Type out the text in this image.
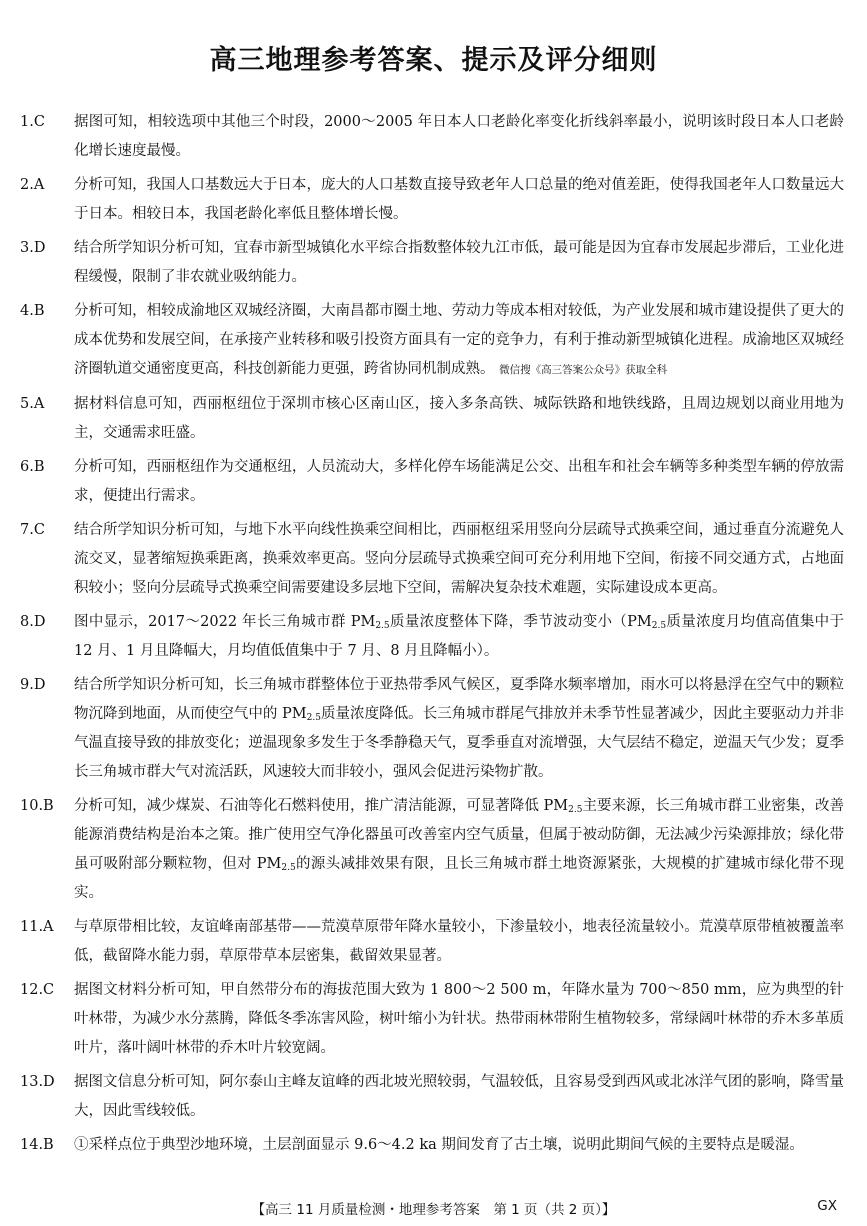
高三地理参考答案、提示及评分细则
1.C 据图可知，相较选项中其他三个时段，2000～2005 年日本人口老龄化率变化折线斜率最小，说明该时段日本人口老龄化增长速度最慢。
2.A 分析可知，我国人口基数远大于日本，庞大的人口基数直接导致老年人口总量的绝对值差距，使得我国老年人口数量远大于日本。相较日本，我国老龄化率低且整体增长慢。
3.D 结合所学知识分析可知，宜春市新型城镇化水平综合指数整体较九江市低，最可能是因为宜春市发展起步滞后，工业化进程缓慢，限制了非农就业吸纳能力。
4.B 分析可知，相较成渝地区双城经济圈，大南昌都市圈土地、劳动力等成本相对较低，为产业发展和城市建设提供了更大的成本优势和发展空间，在承接产业转移和吸引投资方面具有一定的竞争力，有利于推动新型城镇化进程。成渝地区双城经济圈轨道交通密度更高，科技创新能力更强，跨省协同机制成熟。 微信搜《高三答案公众号》获取全科
5.A 据材料信息可知，西丽枢纽位于深圳市核心区南山区，接入多条高铁、城际铁路和地铁线路，且周边规划以商业用地为主，交通需求旺盛。
6.B 分析可知，西丽枢纽作为交通枢纽，人员流动大，多样化停车场能满足公交、出租车和社会车辆等多种类型车辆的停放需求，便捷出行需求。
7.C 结合所学知识分析可知，与地下水平向线性换乘空间相比，西丽枢纽采用竖向分层疏导式换乘空间，通过垂直分流避免人流交叉，显著缩短换乘距离，换乘效率更高。竖向分层疏导式换乘空间可充分利用地下空间，衔接不同交通方式，占地面积较小；竖向分层疏导式换乘空间需要建设多层地下空间，需解决复杂技术难题，实际建设成本更高。
8.D 图中显示，2017～2022 年长三角城市群 $PM_{2.5}$质量浓度整体下降，季节波动变小（$PM_{2.5}$质量浓度月均值高值集中于 12 月、1 月且降幅大，月均值低值集中于 7 月、8 月且降幅小）。
9.D 结合所学知识分析可知，长三角城市群整体位于亚热带季风气候区，夏季降水频率增加，雨水可以将悬浮在空气中的颗粒物沉降到地面，从而使空气中的 $PM_{2.5}$质量浓度降低。长三角城市群尾气排放并未季节性显著减少，因此主要驱动力并非气温直接导致的排放变化；逆温现象多发生于冬季静稳天气，夏季垂直对流增强，大气层结不稳定，逆温天气少发；夏季长三角城市群大气对流活跃，风速较大而非较小，强风会促进污染物扩散。
10.B 分析可知，减少煤炭、石油等化石燃料使用，推广清洁能源，可显著降低 $PM_{2.5}$主要来源，长三角城市群工业密集，改善能源消费结构是治本之策。推广使用空气净化器虽可改善室内空气质量，但属于被动防御，无法减少污染源排放；绿化带虽可吸附部分颗粒物，但对 $PM_{2.5}$的源头减排效果有限，且长三角城市群土地资源紧张，大规模的扩建城市绿化带不现实。
11.A 与草原带相比较，友谊峰南部基带——荒漠草原带年降水量较小，下渗量较小，地表径流量较小。荒漠草原带植被覆盖率低，截留降水能力弱，草原带草本层密集，截留效果显著。
12.C 据图文材料分析可知，甲自然带分布的海拔范围大致为 1 800～2 500 m，年降水量为 700～850 mm，应为典型的针叶林带，为减少水分蒸腾，降低冬季冻害风险，树叶缩小为针状。热带雨林带附生植物较多，常绿阔叶林带的乔木多革质叶片，落叶阔叶林带的乔木叶片较宽阔。
13.D 据图文信息分析可知，阿尔泰山主峰友谊峰的西北坡光照较弱，气温较低，且容易受到西风或北冰洋气团的影响，降雪量大，因此雪线较低。
14.B ①采样点位于典型沙地环境，土层剖面显示 9.6～4.2 ka 期间发育了古土壤，说明此期间气候的主要特点是暖湿。
【高三 11 月质量检测・地理参考答案　第 1 页（共 2 页）】	GX
